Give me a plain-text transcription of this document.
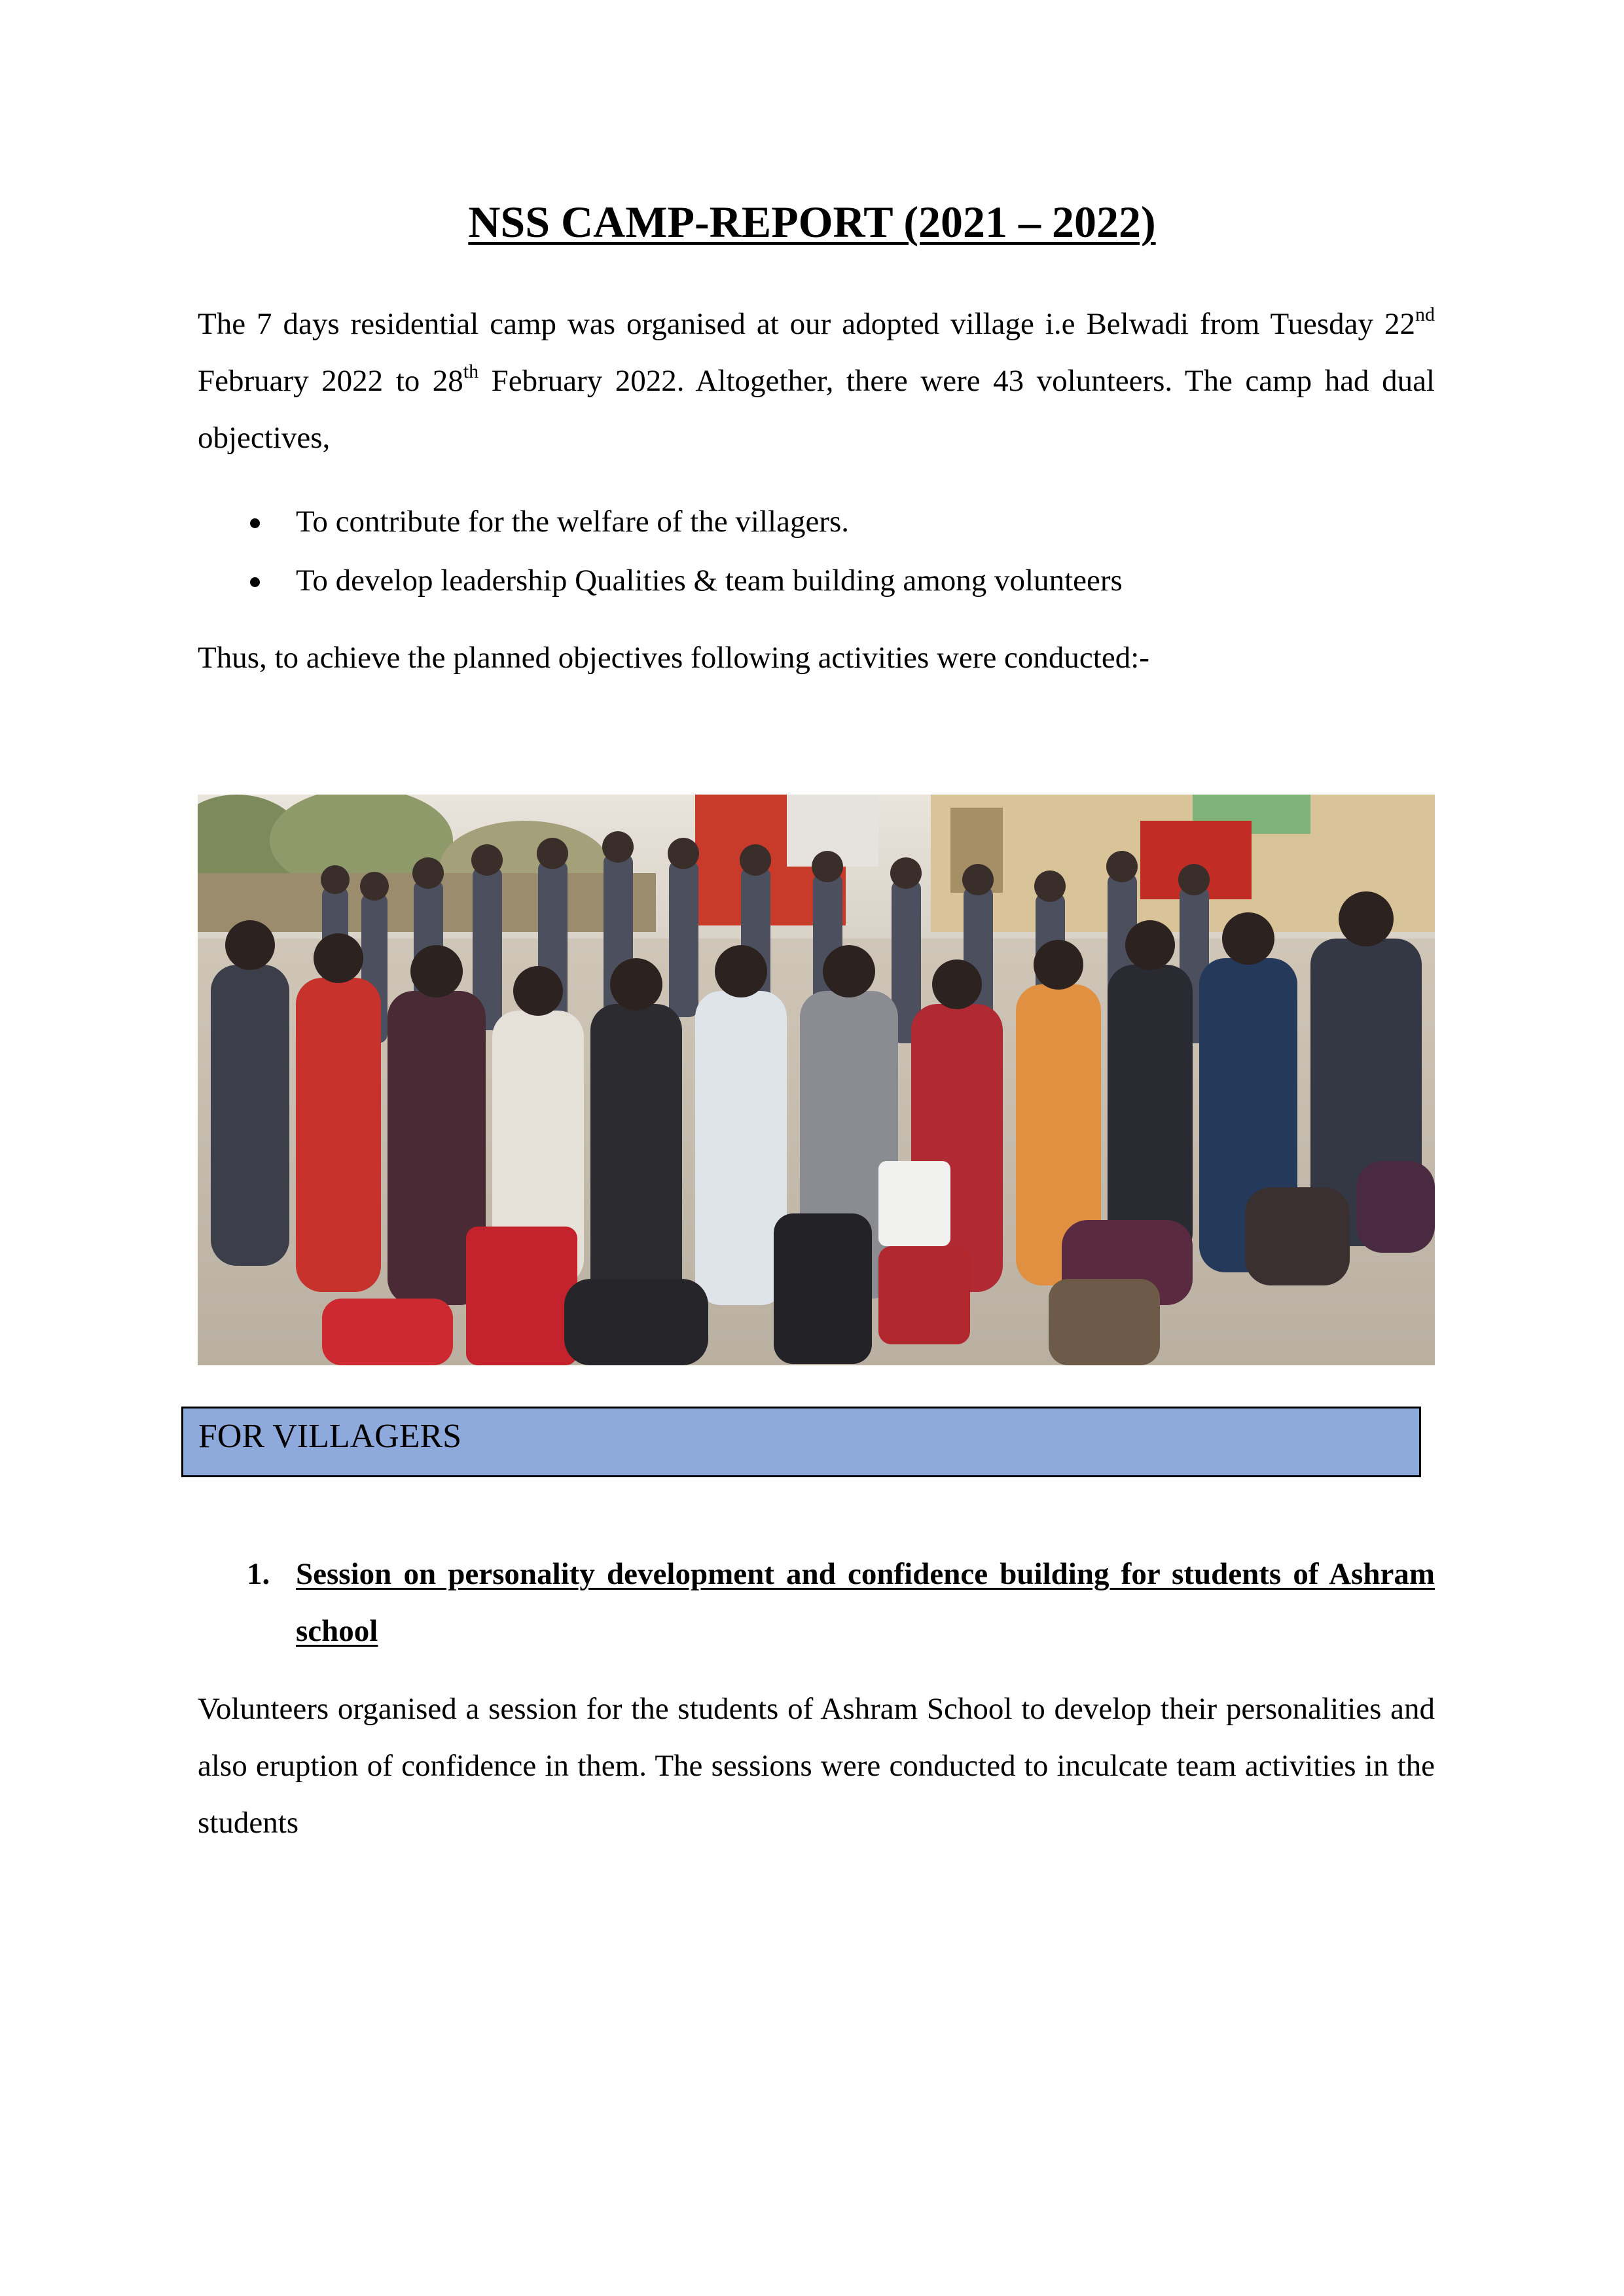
NSS CAMP-REPORT (2021 – 2022)
The 7 days residential camp was organised at our adopted village i.e Belwadi from Tuesday 22nd February 2022 to 28th February 2022. Altogether, there were 43 volunteers. The camp had dual objectives,
To contribute for the welfare of the villagers.
To develop leadership Qualities & team building among volunteers
Thus, to achieve the planned objectives following activities were conducted:-
FOR VILLAGERS
1. Session on personality development and confidence building for students of Ashram school
Volunteers organised a session for the students of Ashram School to develop their personalities and also eruption of confidence in them. The sessions were conducted to inculcate team activities in the students
